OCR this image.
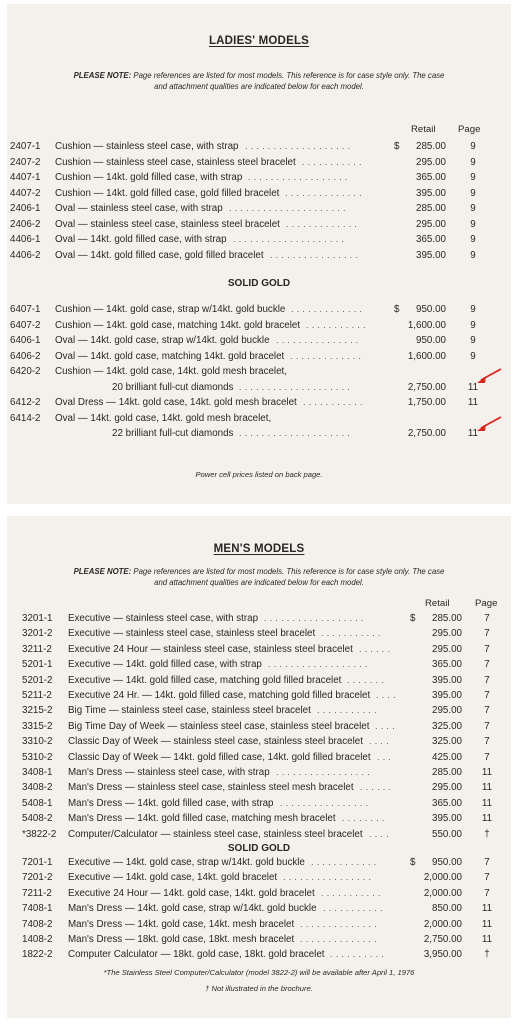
LADIES' MODELS
PLEASE NOTE: Page references are listed for most models. This reference is for case style only. The case
and attachment qualities are indicated below for each model.
Retail Page
2407-1 Cushion — stainless steel case, with strap ...................	$	285.00	9
2407-2 Cushion — stainless steel case, stainless steel bracelet ...........	295.00	9
4407-1 Cushion — 14kt. gold filled case, with strap ..................	365.00	9
4407-2 Cushion — 14kt. gold filled case, gold filled bracelet ..............	395.00	9
2406-1 Oval — stainless steel case, with strap .....................	285.00	9
2406-2 Oval — stainless steel case, stainless steel bracelet .............	295.00	9
4406-1 Oval — 14kt. gold filled case, with strap ....................	365.00	9
4406-2 Oval — 14kt. gold filled case, gold filled bracelet ................	395.00	9
SOLID GOLD
6407-1 Cushion — 14kt. gold case, strap w/14kt. gold buckle .............	$	950.00	9
6407-2 Cushion — 14kt. gold case, matching 14kt. gold bracelet ...........	1,600.00	9
6406-1 Oval — 14kt. gold case, strap w/14kt. gold buckle ...............	950.00	9
6406-2 Oval — 14kt. gold case, matching 14kt. gold bracelet .............	1,600.00	9
6420-2 Cushion — 14kt. gold case, 14kt. gold mesh bracelet,
20 brilliant full-cut diamonds ....................	2,750.00	11
6412-2 Oval Dress — 14kt. gold case, 14kt. gold mesh bracelet ...........	1,750.00	11
6414-2 Oval — 14kt. gold case, 14kt. gold mesh bracelet,
22 brilliant full-cut diamonds ....................	2,750.00	11
Power cell prices listed on back page.
MEN'S MODELS
PLEASE NOTE: Page references are listed for most models. This reference is for case style only. The case
and attachment qualities are indicated below for each model.
Retail	Page
3201-1 Executive — stainless steel case, with strap ..................	$	285.00	7
3201-2 Executive — stainless steel case, stainless steel bracelet ...........	295.00	7
3211-2 Executive 24 Hour — stainless steel case, stainless steel bracelet ......	295.00	7
5201-1 Executive — 14kt. gold filled case, with strap ..................	365.00	7
5201-2 Executive — 14kt. gold filled case, matching gold filled bracelet .......	395.00	7
5211-2 Executive 24 Hr. — 14kt. gold filled case, matching gold filled bracelet ....	395.00	7
3215-2 Big Time — stainless steel case, stainless steel bracelet ...........	295.00	7
3315-2 Big Time Day of Week — stainless steel case, stainless steel bracelet ....	325.00	7
3310-2 Classic Day of Week — stainless steel case, stainless steel bracelet ....	325.00	7
5310-2 Classic Day of Week — 14kt. gold filled case, 14kt. gold filled bracelet ...	425.00	7
3408-1 Man's Dress — stainless steel case, with strap .................	285.00	11
3408-2 Man's Dress — stainless steel case, stainless steel mesh bracelet ......	295.00	11
5408-1 Man's Dress — 14kt. gold filled case, with strap ................	365.00	11
5408-2 Man's Dress — 14kt. gold filled case, matching mesh bracelet ........	395.00	11
*3822-2 Computer/Calculator — stainless steel case, stainless steel bracelet ....	550.00	†
SOLID GOLD
7201-1 Executive — 14kt. gold case, strap w/14kt. gold buckle ............	$	950.00	7
7201-2 Executive — 14kt. gold case, 14kt. gold bracelet ................	2,000.00	7
7211-2 Executive 24 Hour — 14kt. gold case, 14kt. gold bracelet ...........	2,000.00	7
7408-1 Man's Dress — 14kt. gold case, strap w/14kt. gold buckle ...........	850.00	11
7408-2 Man's Dress — 14kt. gold case, 14kt. mesh bracelet ..............	2,000.00	11
1408-2 Man's Dress — 18kt. gold case, 18kt. mesh bracelet ..............	2,750.00	11
1822-2 Computer Calculator — 18kt. gold case, 18kt. gold bracelet ..........	3,950.00	†
*The Stainless Steel Computer/Calculator (model 3822-2) will be available after April 1, 1976
† Not illustrated in the brochure.
